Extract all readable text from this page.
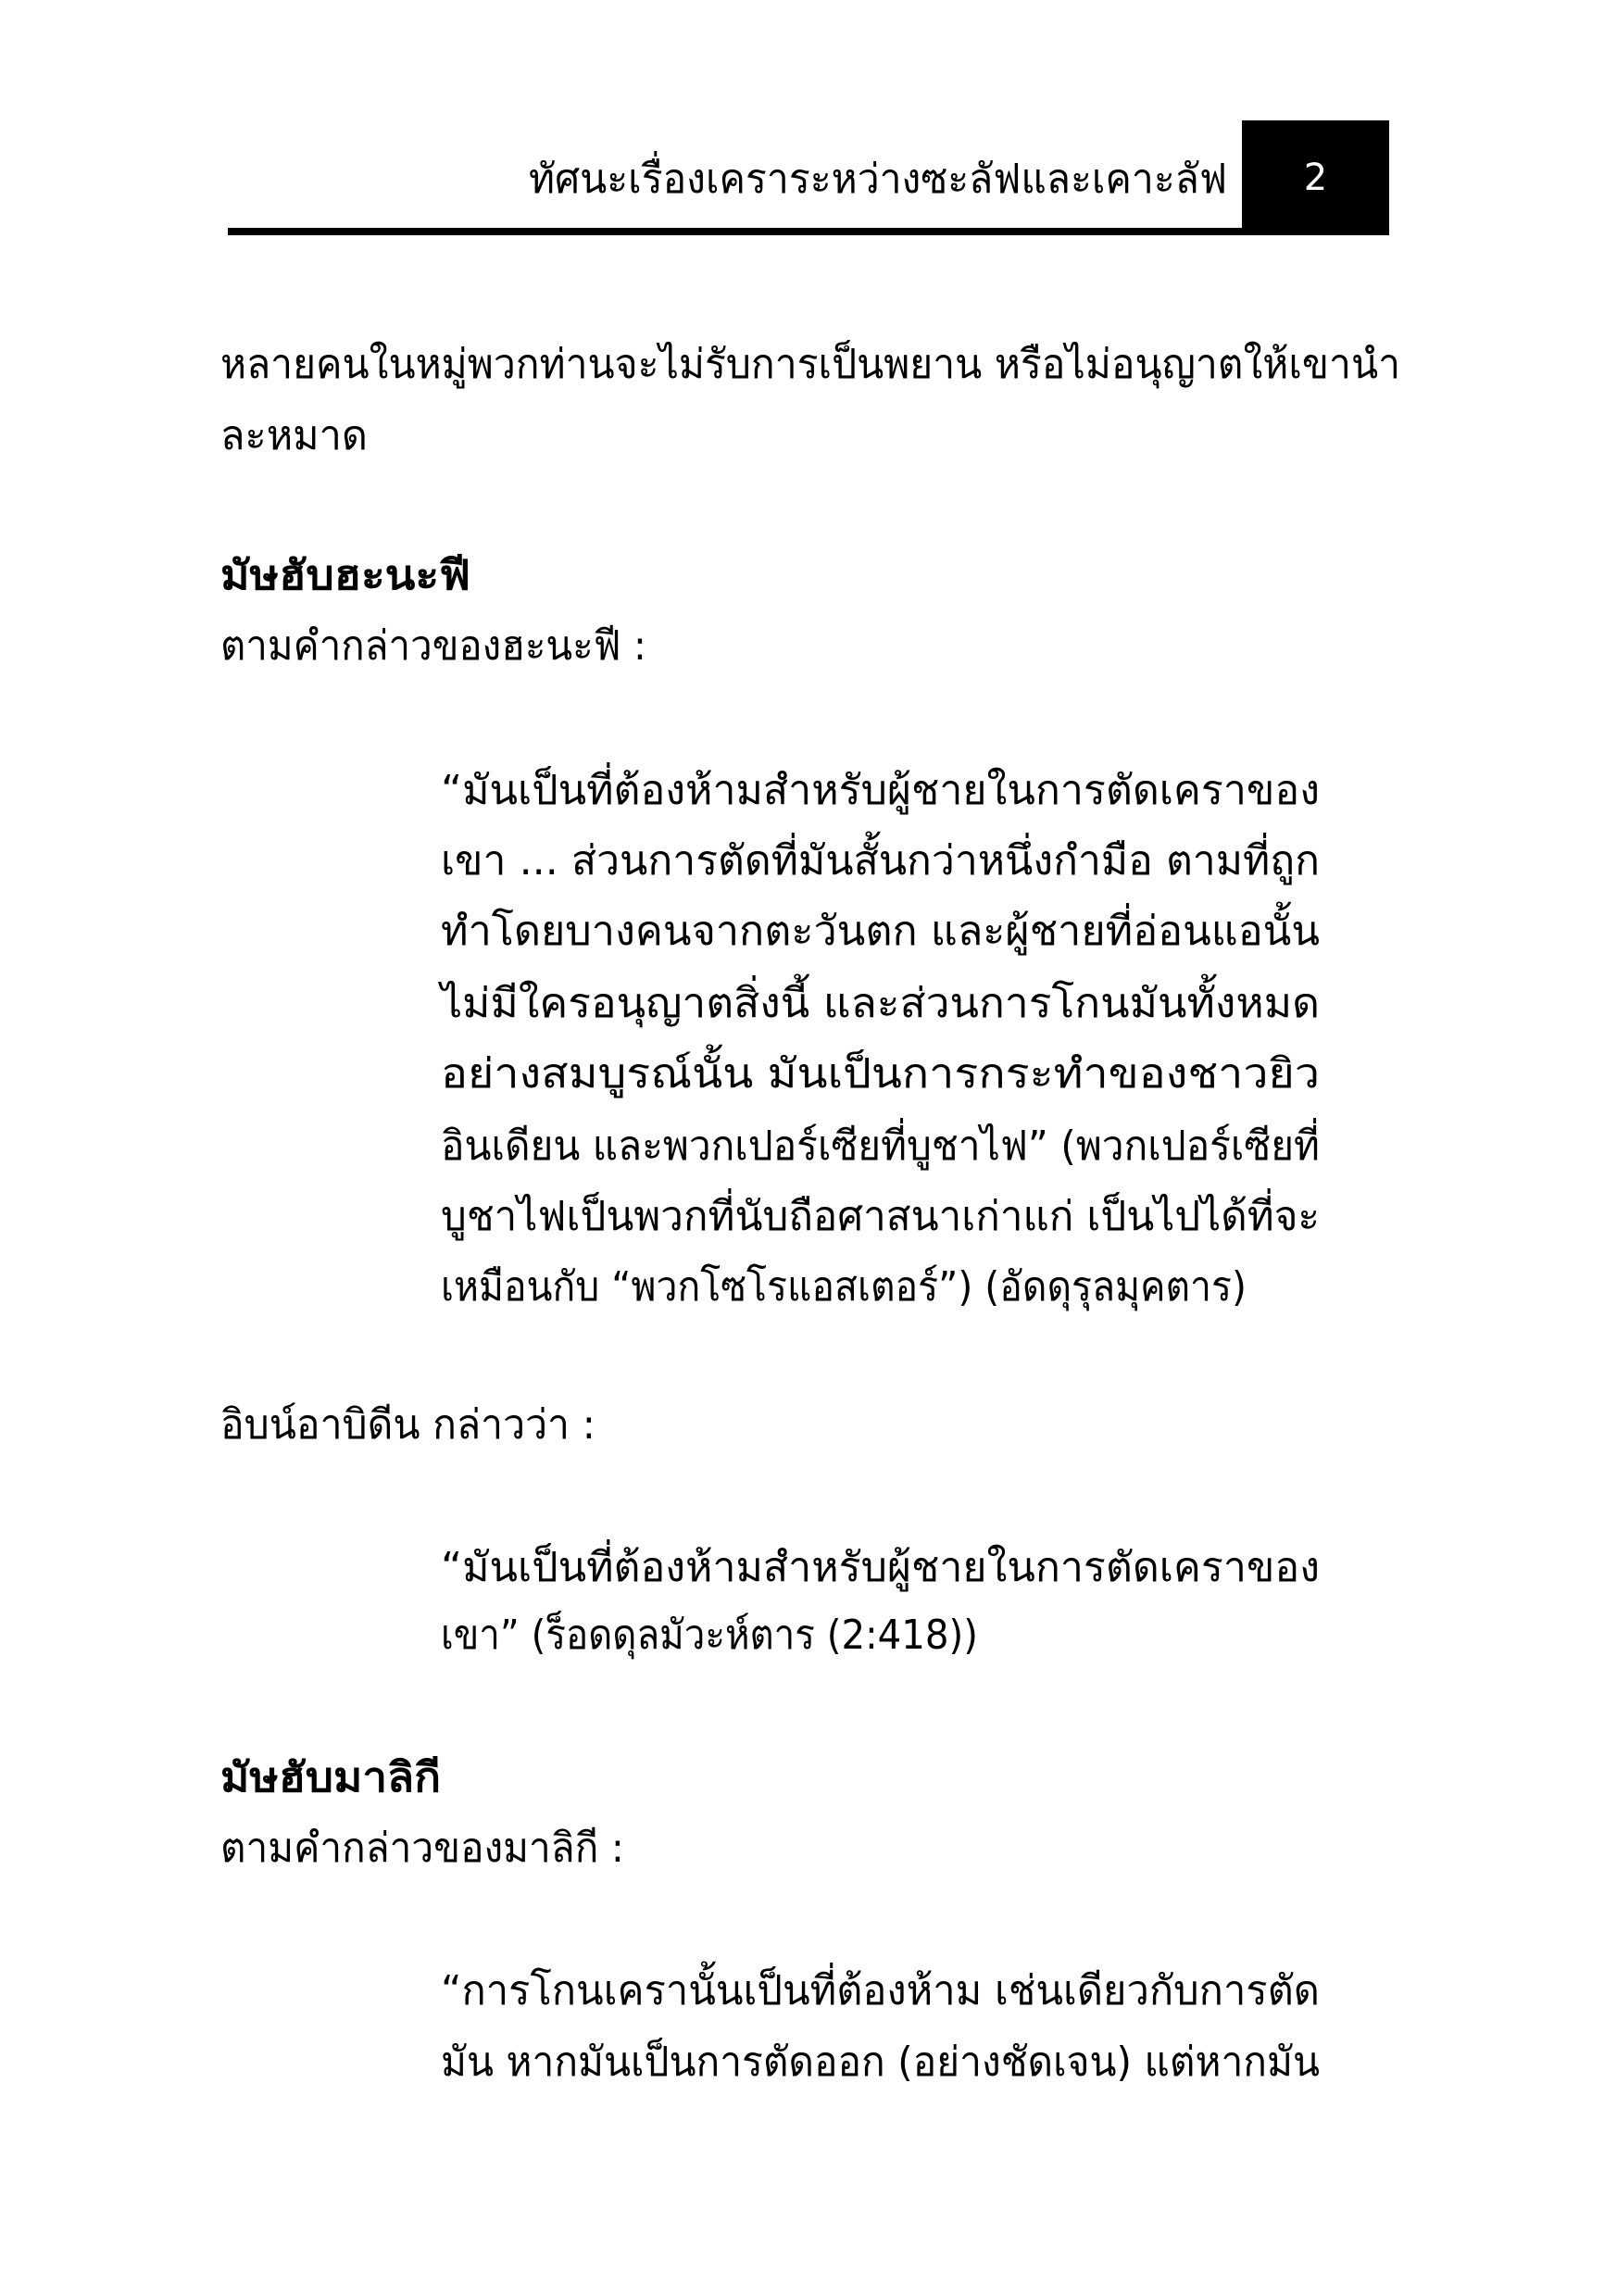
ทัศนะเรื่องเคราระหว่างซะลัฟและเคาะลัฟ	2
หลายคนในหมู่พวกท่านจะไม่รับการเป็นพยาน หรือไม่อนุญาตให้เขานำ
ละหมาด
มัษฮับฮะนะฟี
ตามคำกล่าวของฮะนะฟี :
“มันเป็นที่ต้องห้ามสำหรับผู้ชายในการตัดเคราของ
เขา ... ส่วนการตัดที่มันสั้นกว่าหนึ่งกำมือ ตามที่ถูก
ทำโดยบางคนจากตะวันตก และผู้ชายที่อ่อนแอนั้น
ไม่มีใครอนุญาตสิ่งนี้ และส่วนการโกนมันทั้งหมด
อย่างสมบูรณ์นั้น มันเป็นการกระทำของชาวยิว
อินเดียน และพวกเปอร์เซียที่บูชาไฟ” (พวกเปอร์เซียที่
บูชาไฟเป็นพวกที่นับถือศาสนาเก่าแก่ เป็นไปได้ที่จะ
เหมือนกับ “พวกโซโรแอสเตอร์”) (อัดดุรุลมุคตาร)
อิบน์อาบิดีน กล่าวว่า :
“มันเป็นที่ต้องห้ามสำหรับผู้ชายในการตัดเคราของ
เขา” (ร็อดดุลมัวะห์ตาร (2:418))
มัษฮับมาลิกี
ตามคำกล่าวของมาลิกี :
“การโกนเครานั้นเป็นที่ต้องห้าม เช่นเดียวกับการตัด
มัน หากมันเป็นการตัดออก (อย่างชัดเจน) แต่หากมัน
